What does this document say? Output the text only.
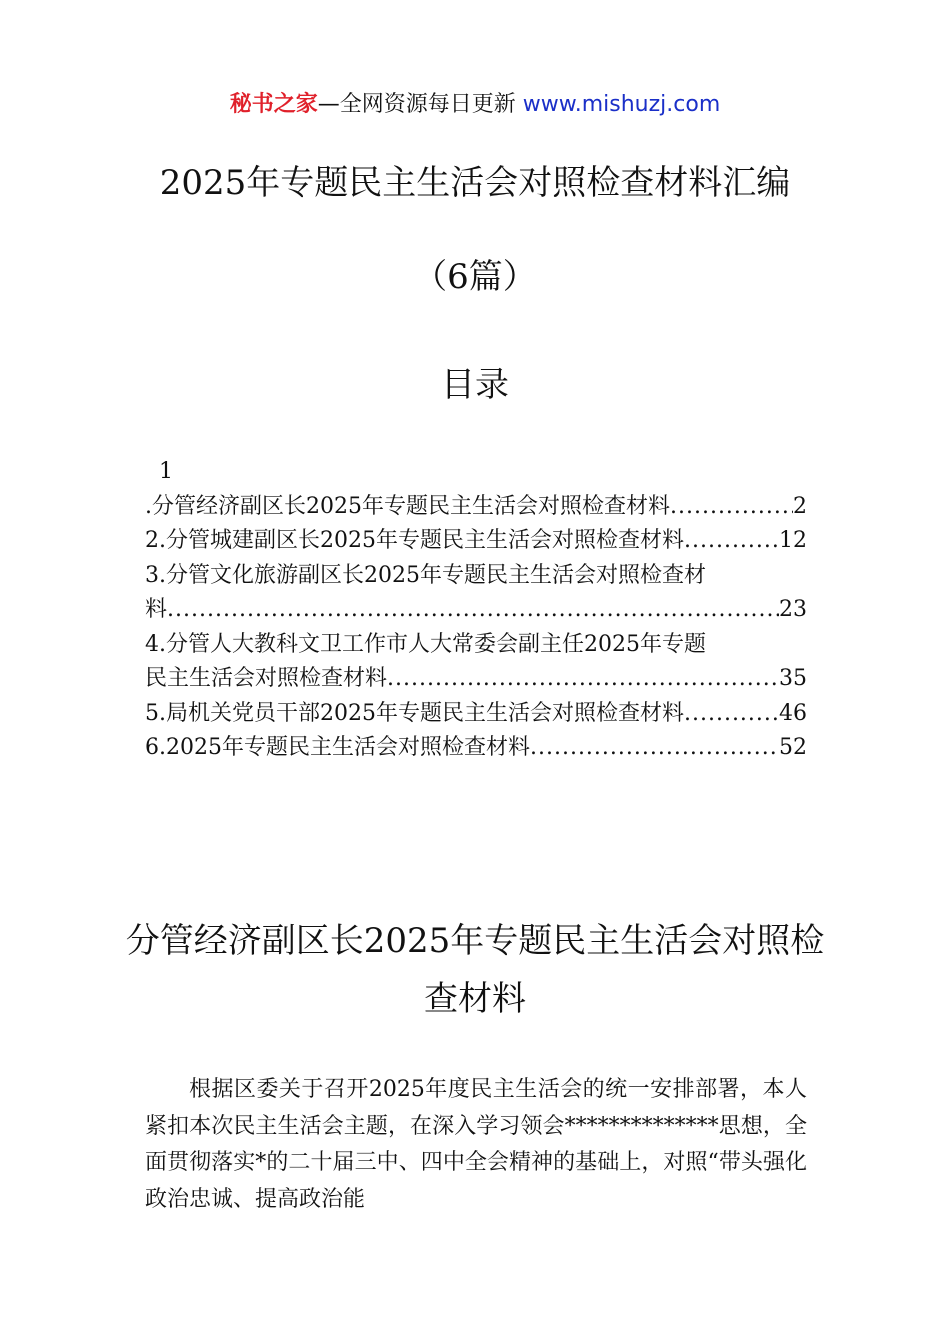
秘书之家—全网资源每日更新 www.mishuzj.com
2025年专题民主生活会对照检查材料汇编
（6篇）
目录
1
.分管经济副区长2025年专题民主生活会对照检查材料 .....	2
2.分管城建副区长2025年专题民主生活会对照检查材料 .....	12
3.分管文化旅游副区长2025年专题民主生活会对照检查材
料 .....	23
4.分管人大教科文卫工作市人大常委会副主任2025年专题
民主生活会对照检查材料 .....	35
5.局机关党员干部2025年专题民主生活会对照检查材料 .....	46
6.2025年专题民主生活会对照检查材料 .....	52
分管经济副区长2025年专题民主生活会对照检查材料
根据区委关于召开2025年度民主生活会的统一安排部署，本人紧扣本次民主生活会主题，在深入学习领会**************思想，全面贯彻落实*的二十届三中、四中全会精神的基础上，对照“带头强化政治忠诚、提高政治能
